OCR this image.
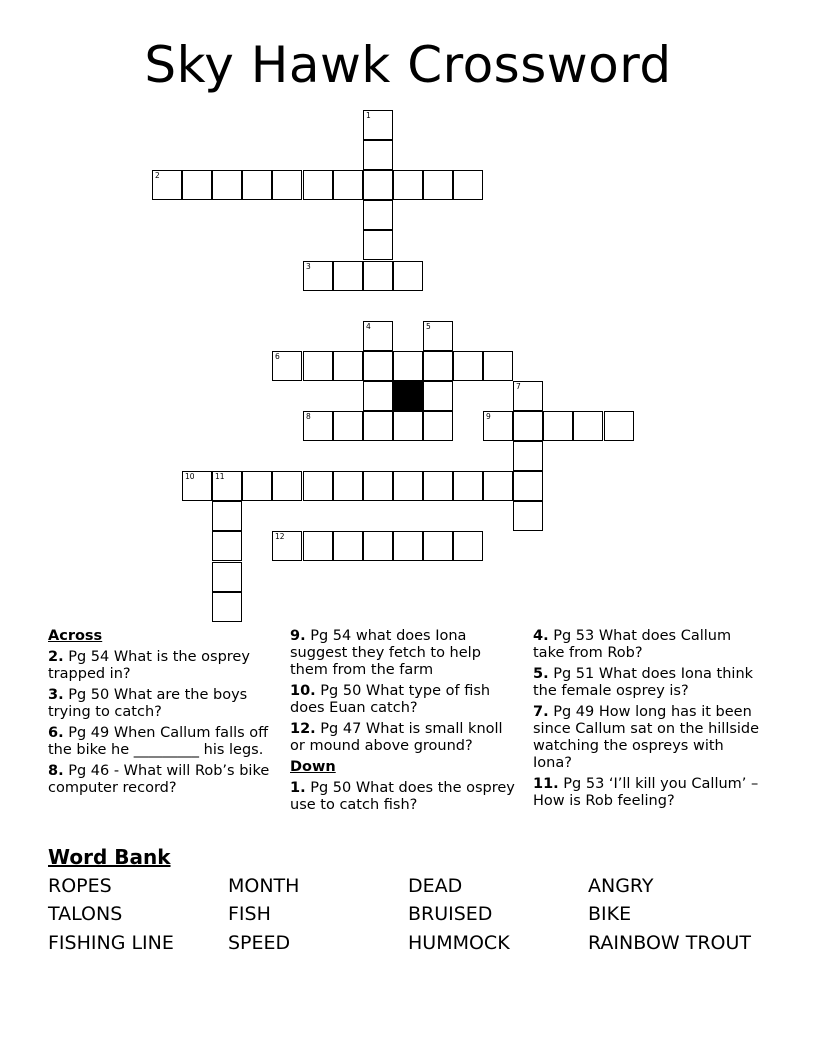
Sky Hawk Crossword
1
2
3
4	5
6
7
8	9
10	11
12
Across
2. Pg 54 What is the osprey trapped in?
3. Pg 50 What are the boys trying to catch?
6. Pg 49 When Callum falls off the bike he _________ his legs.
8. Pg 46 - What will Rob’s bike computer record?
9. Pg 54 what does Iona suggest they fetch to help them from the farm
10. Pg 50 What type of fish does Euan catch?
12. Pg 47 What is small knoll or mound above ground?
Down
1. Pg 50 What does the osprey use to catch fish?
4. Pg 53 What does Callum take from Rob?
5. Pg 51 What does Iona think the female osprey is?
7. Pg 49 How long has it been since Callum sat on the hillside watching the ospreys with Iona?
11. Pg 53 ‘I’ll kill you Callum’ – How is Rob feeling?
Word Bank
ROPES	MONTH	DEAD	ANGRY
TALONS	FISH	BRUISED	BIKE
FISHING LINE	SPEED	HUMMOCK	RAINBOW TROUT
